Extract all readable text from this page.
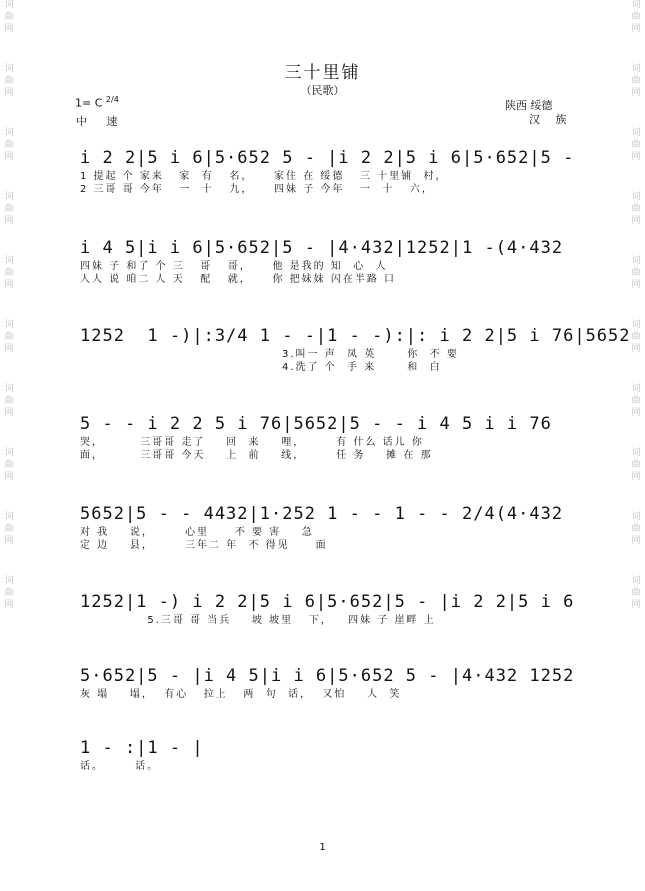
词
曲
网
词
曲
网
词
曲
网
词
曲
网
词
曲
网
词
曲
网
词
曲
网
词
曲
网
词
曲
网
词
曲
网
词
曲
网
词
曲
网
词
曲
网
词
曲
网
词
曲
网
词
曲
网
词
曲
网
词
曲
网
词
曲
网
词
曲
网
三十里铺
（民歌）
1= C $^{2/4}$
中 速
陕西 绥德
汉 族
i 2 2|5 i 6|5·652 5 - |i 2 2|5 i 6|5·652|5 -
1 提起 个 家来   家  有   名，    家住 在 绥德   三 十里铺  村，
2 三哥 哥 今年   一  十   九，    四妹 子 今年   一  十   六，
i 4 5|i i 6|5·652|5 - |4·432|1252|1 -(4·432
四妹 子 和了 个 三   哥   哥，    他 是我的 知  心  人
人人 说 咱二 人 天   配   就，    你 把妹妹 闪在半路 口
1252  1 -)|:3/4 1 - -|1 - -):|: i 2 2|5 i 76|5652
3.叫一 声  凤 英      你  不 要
4.洗了 个  手 来      和  白
5 - - i 2 2 5 i 76|5652|5 - - i 4 5 i i 76
哭，       三哥哥 走了    回  来    哩，      有 什么 话儿 你
面，       三哥哥 今天    上  前    线，      任 务    摊 在 那
5652|5 - - 4432|1·252 1 - - 1 - - 2/4(4·432
对 我    说，      心里     不 要 害    急
定 边    县，      三年二 年  不 得见     面
1252|1 -) i 2 2|5 i 6|5·652|5 - |i 2 2|5 i 6
5.三哥 哥 当兵    坡 坡里   下，   四妹 子 崖畔 上
5·652|5 - |i 4 5|i i 6|5·652 5 - |4·432 1252
灰 塌    塌，  有心   拉上   两  句  话，  又怕    人  笑
1 - :|1 - |
话。      话。
1
